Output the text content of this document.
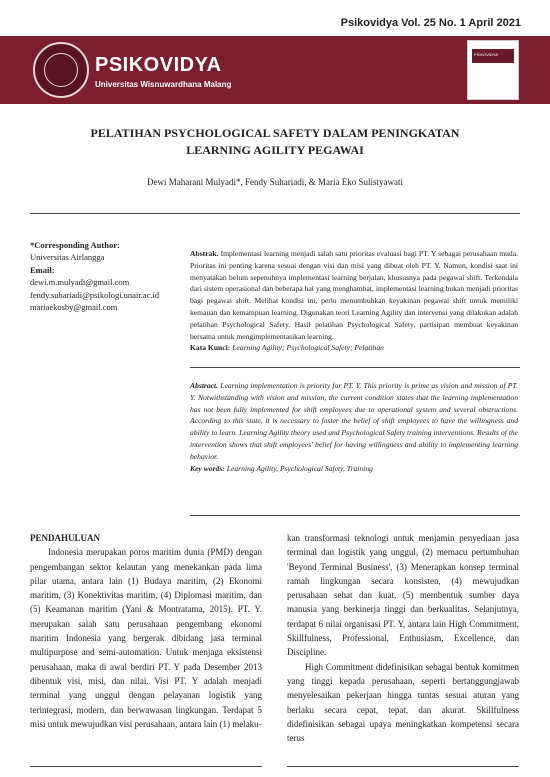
Psikovidya Vol. 25 No. 1 April 2021
PSIKOVIDYA
Universitas Wisnuwardhana Malang
PSIKOVIDYA
PELATIHAN PSYCHOLOGICAL SAFETY DALAM PENINGKATAN
LEARNING AGILITY PEGAWAI
Dewi Maharani Mulyadi*, Fendy Suhariadi, & Maria Eko Sulistyawati
*Corresponding Author:
Universitas Airlangga
Email:
dewi.m.mulyadi@gmail.com
fendy.suhariadi@psikologi.unair.ac.id
mariaekosby@gmail.com
Abstrak. Implementasi learning menjadi salah satu prioritas evaluasi bagi PT. Y sebagai perusahaan muda. Prioritas ini penting karena sesuai dengan visi dan misi yang dibuat oleh PT. Y. Namun, kondisi saat ini menyatakan belum sepenuhnya implementasi learning berjalan, khususnya pada pegawai shift. Terkendala dari sistem operasional dan beberapa hal yang menghambat, implementasi learning bukan menjadi prioritas bagi pegawai shift. Melihat kondisi ini, perlu menumbuhkan keyakinan pegawai shift untuk memiliki kemauan dan kemampuan learning. Digunakan teori Learning Agility dan intervensi yang dilakukan adalah pelatihan Psychological Safety. Hasil pelatihan Psychological Safety, partisipan membuat keyakinan bersama untuk mengimplementasikan learning.
Kata Kunci: Learning Agility; Psychological Safety; Pelatihan
Abstract. Learning implementation is priority for PT. Y. This priority is prime as vision and mission of PT. Y. Notwithstanding with vision and mission, the current condition states that the learning implementation has not been fully implemented for shift employees due to operational system and several obstructions. According to this state, it is necessary to foster the belief of shift employees to have the willingness and ability to learn. Learning Agility theory used and Psychological Safety training interventions. Results of the intervention shows that shift employees' belief for having willingness and ability to implementing learning behavior.
Key words: Learning Agility, Psychological Safety, Training
PENDAHULUAN

Indonesia merupakan poros maritim dunia (PMD) dengan pengembangan sektor kelautan yang menekankan pada lima pilar utama, antara lain (1) Budaya maritim, (2) Ekonomi maritim, (3) Konektivitas maritim, (4) Diplomasi maritim, dan (5) Keamanan maritim (Yani & Montratama, 2015). PT. Y. merupakan salah satu perusahaan pengembang ekonomi maritim Indonesia yang bergerak dibidang jasa terminal multipurpose and semi-automation. Untuk menjaga eksistensi perusahaan, maka di awal berdiri PT. Y pada Desember 2013 dibentuk visi, misi, dan nilai. Visi PT. Y adalah menjadi terminal yang unggul dengan pelayanan logistik yang terintegrasi, modern, dan berwawasan lingkungan. Terdapat 5 misi untuk mewujudkan visi perusahaan, antara lain (1) melaku-

kan transformasi teknologi untuk menjamin penyediaan jasa terminal dan logistik yang unggul, (2) memacu pertumbuhan 'Beyond Terminal Business', (3) Menerapkan konsep terminal ramah lingkungan secara konsisten, (4) mewujudkan perusahaan sehat dan kuat, (5) membentuk sumber daya manusia yang berkinerja tinggi dan berkualitas. Selanjutnya, terdapat 6 nilai organisasi PT. Y, antara lain High Commitment, Skillfulness, Professional, Enthusiasm, Excellence, dan Discipline.

High Commitment didefinisikan sebagai bentuk komitmen yang tinggi kepada perusahaan, seperti bertanggungjawab menyelesaikan pekerjaan hingga tuntas sesuai aturan yang berlaku secara cepat, tepat, dan akurat. Skillfulness didefinisikan sebagai upaya meningkatkan kompetensi secara terus
